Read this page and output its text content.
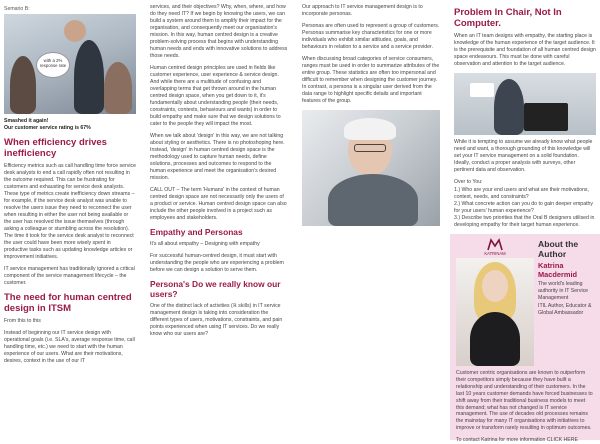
Semario B:
with a 2% response rate

Smashed it again!

Our customer service rating is 67%

When efficiency drives inefficiency

Efficiency metrics such as call handling time force service desk analysts to end a call rapidly often not resulting in the outcome required. This can be frustrating for customers and exhausting for service desk analysts. These type of metrics create inefficiency down streams – for example, if the service desk analyst was unable to resolve the users issue they need to reconnect the user when resulting in either the user not being available or the user has resolved the issue themselves (through asking a colleague or stumbling across the resolution). The time it took for the service desk analyst to reconnect the user could have been more wisely spent in productive tasks such as updating knowledge articles or improvement initiatives.

IT service management has traditionally ignored a critical component of the service management lifecycle – the customer.

The need for human centred design in ITSM

From this to this

Instead of beginning our IT service design with operational goals (i.e. SLA's, average response time, call handling time, etc.) we need to start with the human experience of our users. What are their motivations, desires, context in the use of our IT

services, and their objectives? Why, when, where, and how do they need IT? If we begin by knowing the users, we can build a system around them to amplify their impact for the organisation, and consequently meet our organisation's mission. In this way, human centred design is a creative problem-solving process that begins with understanding human needs and ends with innovative solutions to address those needs.

Human centred design principles are used in fields like customer experience, user experience & service design. And while there are a multitude of confusing and overlapping terms that get thrown around in the human centred design space, when you get down to it, it's fundamentally about understanding people (their needs, constraints, contexts, behaviours and wants) in order to build empathy and make sure that we design solutions to cater to the people they will impact the most.

When we talk about 'design' in this way, we are not talking about styling or aesthetics. There is no photoshoping here. Instead, 'design' in human centred design space is the methodology used to capture human needs, define solutions, processes and outcomes to respond to the human experience and meet the organisation's desired mission.

CALL OUT – The term 'Humans' in the context of human centred design space are not necessarily only the users of a product or service. Human centred design space can also include the other people involved in a project such as employees and stakeholders.

Empathy and Personas

It's all about empathy – Designing with empathy

For successful human-centred design, it must start with understanding the people who are experiencing a problem before we can design a solution to serve them.

Persona's Do we really know our users?

One of the distinct lack of activities (ℝ skills) in IT service management design is taking into consideration the different types of users, motivations, constraints, and pain points experienced when using IT services. Do we really know who our users are?

Our approach to IT service management design is to incorporate personas.

Personas are often used to represent a group of customers. Personas summarise key characteristics for one or more individuals who exhibit similar attitudes, goals, and behaviours in relation to a service and a service provider.

When discussing broad categories of service consumers, ranges must be used in order to summarize attributes of the entire group. These statistics are often too impersonal and difficult to remember when designing the customer journey. In contrast, a persona is a singular user derived from the data range to highlight specific details and important features of the group.

Problem In Chair, Not In Computer.

When an IT team designs with empathy, the starting place is knowledge of the human experience of the target audience. It is the prerequisite and foundation of all human centred design space endeavours. This must be done with careful observation and attention to the target audience.

While it is tempting to assume we already know what people need and want, a thorough grounding of this knowledge will set your IT service management on a solid foundation. Ideally, conduct a proper analysis with surveys, other pertinent data and observation.

Over to You:

1.) Who are your end users and what are their motivations, context, needs, and constraints?

2.) What concrete action can you do to gain deeper empathy for your users' human experience?

3.) Describe two priorities that the Oral B designers utilised in developing empathy for their target human experience.

KATRINAM
About the Author
Katrina Macdermid

The world's leading authority in IT Service Management

ITIL Author, Educator & Global Ambassador

Customer centric organisations are known to outperform their competitors simply because they have built a relationship and understanding of their customers. In the last 10 years customer demands have forced businesses to shift away from their traditional business models to meet this demand; what has not changed is IT service management. The use of decades old processes remains the mainstay for many IT organisations with initiatives to improve or transform rarely resulting in optimum outcomes.

To contact Katrina for more information CLICK HERE
